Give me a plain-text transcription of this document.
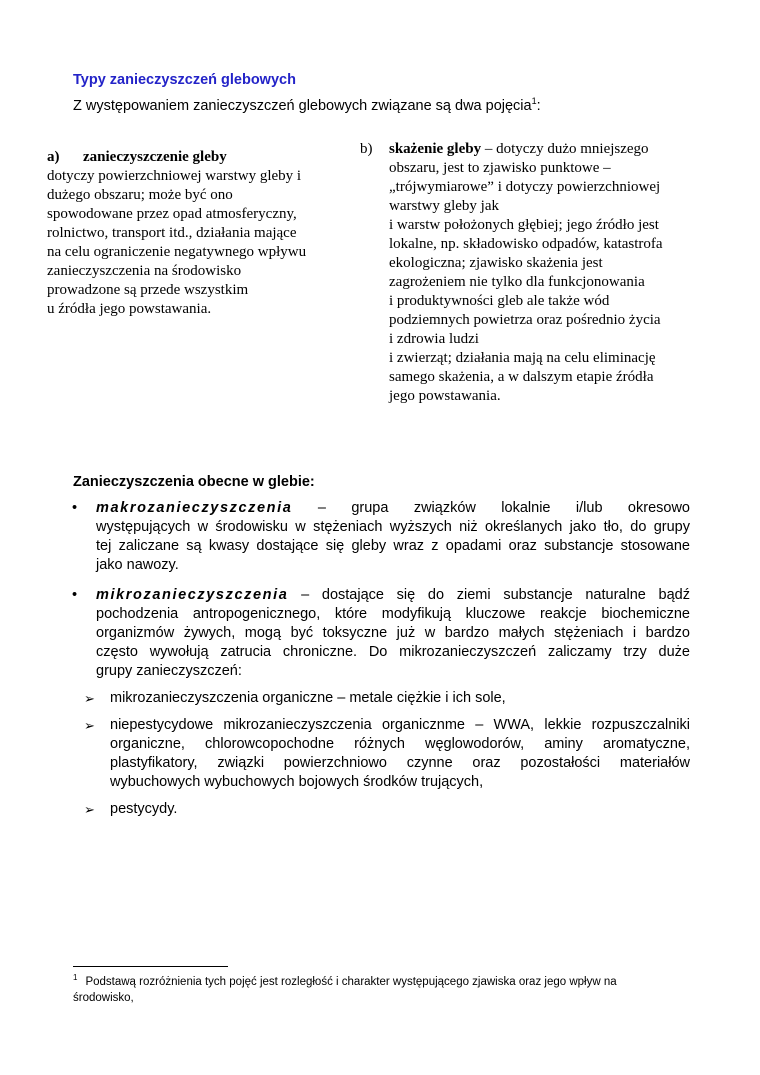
Typy zanieczyszczeń glebowych
Z występowaniem zanieczyszczeń glebowych związane są dwa pojęcia$^1$:
a) zanieczyszczenie gleby
dotyczy powierzchniowej warstwy gleby i
dużego obszaru; może być ono
spowodowane przez opad atmosferyczny,
rolnictwo, transport itd., działania mające
na celu ograniczenie negatywnego wpływu
zanieczyszczenia na środowisko
prowadzone są przede wszystkim
u źródła jego powstawania.
b) skażenie gleby – dotyczy dużo mniejszego
obszaru, jest to zjawisko punktowe –
„trójwymiarowe” i dotyczy powierzchniowej
warstwy gleby jak
i warstw położonych głębiej; jego źródło jest
lokalne, np. składowisko odpadów, katastrofa
ekologiczna; zjawisko skażenia jest
zagrożeniem nie tylko dla funkcjonowania
i produktywności gleb ale także wód
podziemnych powietrza oraz pośrednio życia
i zdrowia ludzi
i zwierząt; działania mają na celu eliminację
samego skażenia, a w dalszym etapie źródła
jego powstawania.
Zanieczyszczenia obecne w glebie:
• makrozanieczyszczenia – grupa związków lokalnie i/lub okresowo
występujących w środowisku w stężeniach wyższych niż określanych jako tło, do grupy
tej zaliczane są kwasy dostające się gleby wraz z opadami oraz substancje stosowane
jako nawozy.
• mikrozanieczyszczenia – dostające się do ziemi substancje naturalne bądź
pochodzenia antropogenicznego, które modyfikują kluczowe reakcje biochemiczne
organizmów żywych, mogą być toksyczne już w bardzo małych stężeniach i bardzo
często wywołują zatrucia chroniczne. Do mikrozanieczyszczeń zaliczamy trzy duże
grupy zanieczyszczeń:
➢ mikrozanieczyszczenia organiczne – metale ciężkie i ich sole,
➢ niepestycydowe mikrozanieczyszczenia organicznme – WWA, lekkie rozpuszczalniki
organiczne, chlorowcopochodne różnych węglowodorów, aminy aromatyczne,
plastyfikatory, związki powierzchniowo czynne oraz pozostałości materiałów
wybuchowych wybuchowych bojowych środków trujących,
➢ pestycydy.
$^1$ Podstawą rozróżnienia tych pojęć jest rozległość i charakter występującego zjawiska oraz jego wpływ na
środowisko,
